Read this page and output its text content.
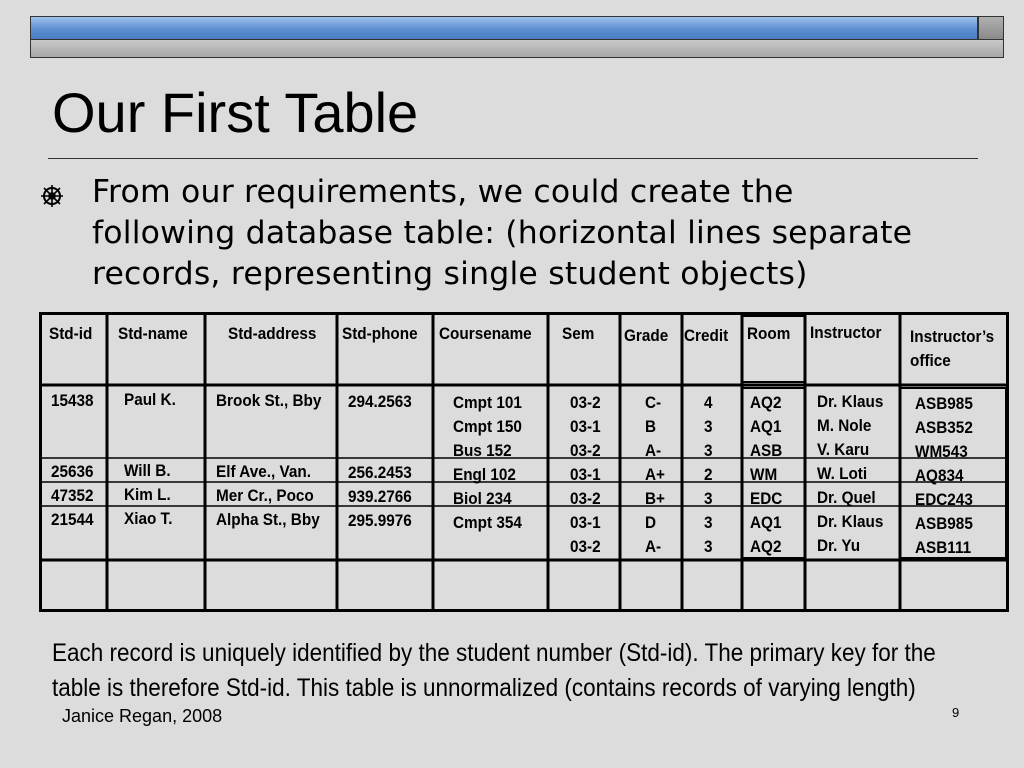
Our First Table
From our requirements, we could create the
following database table: (horizontal lines separate
records, representing single student objects)
Std-id Std-name Std-address Std-phone Coursename Sem Grade Credit Room Instructor Instructor’s office
15438
25636
47352
21544
Paul K.
Will B.
Kim L.
Xiao T.
Brook St., Bby
Elf Ave., Van.
Mer Cr., Poco
Alpha St., Bby
294.2563
256.2453
939.2766
295.9976
Cmpt 101
Cmpt 150
Bus 152
Engl 102
Biol 234
Cmpt 354
03-2
03-1
03-2
03-1
03-2
03-1
03-2
C-
B
A-
A+
B+
D
A-
4
3
3
2
3
3
3
AQ2
AQ1
ASB
WM
EDC
AQ1
AQ2
Dr. Klaus
M. Nole
V. Karu
W. Loti
Dr. Quel
Dr. Klaus
Dr. Yu
ASB985
ASB352
WM543
AQ834
EDC243
ASB985
ASB111
Each record is uniquely identified by the student number (Std-id). The primary key for the
table is therefore Std-id. This table is unnormalized (contains records of varying length)
Janice Regan, 2008	9
